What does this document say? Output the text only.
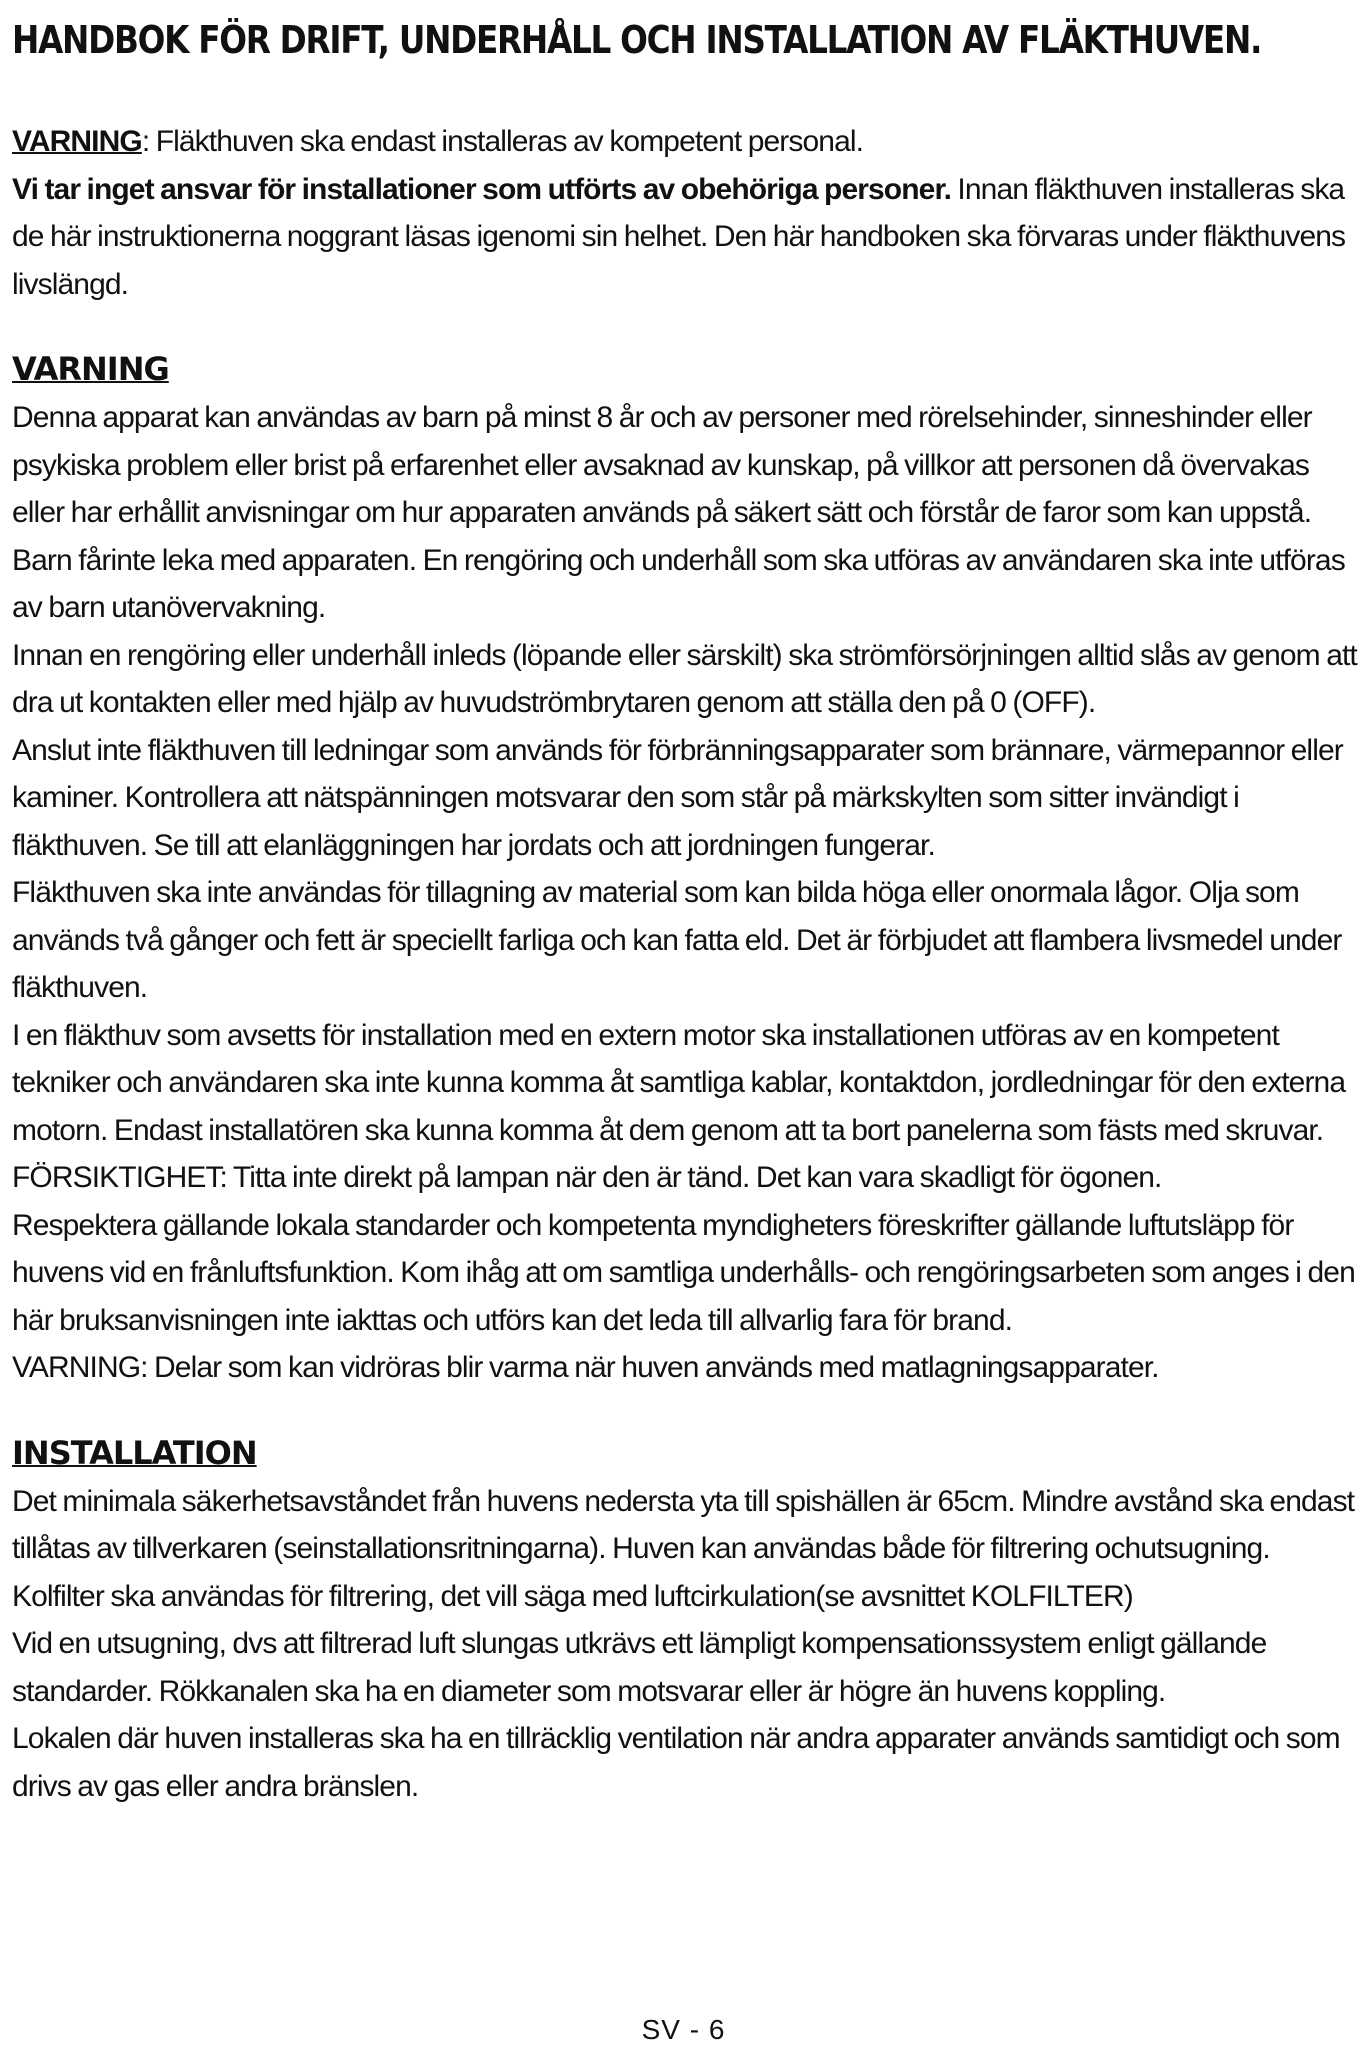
HANDBOK FÖR DRIFT, UNDERHÅLL OCH INSTALLATION AV FLÄKTHUVEN.

VARNING: Fläkthuven ska endast installeras av kompetent personal.
Vi tar inget ansvar för installationer som utförts av obehöriga personer. Innan fläkthuven installeras ska de här instruktionerna noggrant läsas igenomi sin helhet. Den här handboken ska förvaras under fläkthuvens livslängd.

VARNING

Denna apparat kan användas av barn på minst 8 år och av personer med rörelsehinder, sinneshinder eller psykiska problem eller brist på erfarenhet eller avsaknad av kunskap, på villkor att personen då övervakas eller har erhållit anvisningar om hur apparaten används på säkert sätt och förstår de faror som kan uppstå. Barn fårinte leka med apparaten. En rengöring och underhåll som ska utföras av användaren ska inte utföras av barn utanövervakning.

Innan en rengöring eller underhåll inleds (löpande eller särskilt) ska strömförsörjningen alltid slås av genom att dra ut kontakten eller med hjälp av huvudströmbrytaren genom att ställa den på 0 (OFF).

Anslut inte fläkthuven till ledningar som används för förbränningsapparater som brännare, värmepannor eller kaminer. Kontrollera att nätspänningen motsvarar den som står på märkskylten som sitter invändigt i fläkthuven. Se till att elanläggningen har jordats och att jordningen fungerar.

Fläkthuven ska inte användas för tillagning av material som kan bilda höga eller onormala lågor. Olja som används två gånger och fett är speciellt farliga och kan fatta eld. Det är förbjudet att flambera livsmedel under fläkthuven.

I en fläkthuv som avsetts för installation med en extern motor ska installationen utföras av en kompetent tekniker och användaren ska inte kunna komma åt samtliga kablar, kontaktdon, jordledningar för den externa motorn. Endast installatören ska kunna komma åt dem genom att ta bort panelerna som fästs med skruvar.

FÖRSIKTIGHET: Titta inte direkt på lampan när den är tänd. Det kan vara skadligt för ögonen.

Respektera gällande lokala standarder och kompetenta myndigheters föreskrifter gällande luftutsläpp för huvens vid en frånluftsfunktion. Kom ihåg att om samtliga underhålls- och rengöringsarbeten som anges i den här bruksanvisningen inte iakttas och utförs kan det leda till allvarlig fara för brand.

VARNING: Delar som kan vidröras blir varma när huven används med matlagningsapparater.

INSTALLATION

Det minimala säkerhetsavståndet från huvens nedersta yta till spishällen är 65cm. Mindre avstånd ska endast tillåtas av tillverkaren (seinstallationsritningarna). Huven kan användas både för filtrering ochutsugning.

Kolfilter ska användas för filtrering, det vill säga med luftcirkulation(se avsnittet KOLFILTER)

Vid en utsugning, dvs att filtrerad luft slungas utkrävs ett lämpligt kompensationssystem enligt gällande standarder. Rökkanalen ska ha en diameter som motsvarar eller är högre än huvens koppling.

Lokalen där huven installeras ska ha en tillräcklig ventilation när andra apparater används samtidigt och som drivs av gas eller andra bränslen.

SV - 6
